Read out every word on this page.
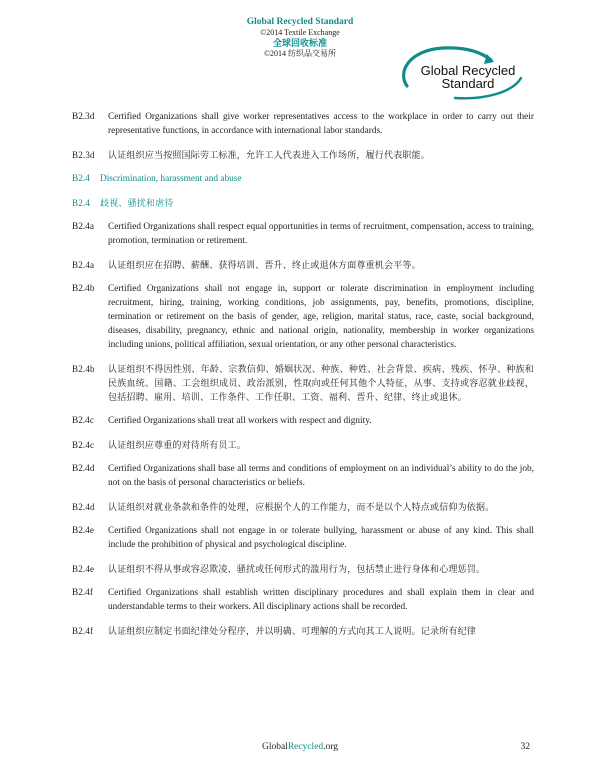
Global Recycled Standard
©2014 Textile Exchange
全球回收标准
©2014 纺织品交易所
Global Recycled
Standard
B2.3d	Certified Organizations shall give worker representatives access to the workplace in order to carry out their representative functions, in accordance with international labor standards.
B2.3d	认证组织应当按照国际劳工标准，允许工人代表进入工作场所，履行代表职能。
B2.4	Discrimination, harassment and abuse
B2.4	歧视、骚扰和虐待
B2.4a	Certified Organizations shall respect equal opportunities in terms of recruitment, compensation, access to training, promotion, termination or retirement.
B2.4a	认证组织应在招聘、薪酬、获得培训、晋升、终止或退休方面尊重机会平等。
B2.4b	Certified Organizations shall not engage in, support or tolerate discrimination in employment including recruitment, hiring, training, working conditions, job assignments, pay, benefits, promotions, discipline, termination or retirement on the basis of gender, age, religion, marital status, race, caste, social background, diseases, disability, pregnancy, ethnic and national origin, nationality, membership in worker organizations including unions, political affiliation, sexual orientation, or any other personal characteristics.
B2.4b	认证组织不得因性别、年龄、宗教信仰、婚姻状况、种族、种姓、社会背景、疾病、残疾、怀孕、种族和民族血统、国籍、工会组织成员、政治派别，性取向或任何其他个人特征，从事、支持或容忍就业歧视，包括招聘、雇用、培训、工作条件、工作任职、工资、福利、晋升、纪律、终止或退休。
B2.4c	Certified Organizations shall treat all workers with respect and dignity.
B2.4c	认证组织应尊重的对待所有员工。
B2.4d	Certified Organizations shall base all terms and conditions of employment on an individual’s ability to do the job, not on the basis of personal characteristics or beliefs.
B2.4d	认证组织对就业条款和条件的处理，应根据个人的工作能力，而不是以个人特点或信仰为依据。
B2.4e	Certified Organizations shall not engage in or tolerate bullying, harassment or abuse of any kind. This shall include the prohibition of physical and psychological discipline.
B2.4e	认证组织不得从事或容忍欺凌、骚扰或任何形式的滥用行为，包括禁止进行身体和心理惩罚。
B2.4f	Certified Organizations shall establish written disciplinary procedures and shall explain them in clear and understandable terms to their workers. All disciplinary actions shall be recorded.
B2.4f	认证组织应制定书面纪律处分程序，并以明确、可理解的方式向其工人说明。记录所有纪律
GlobalRecycled.org	32
